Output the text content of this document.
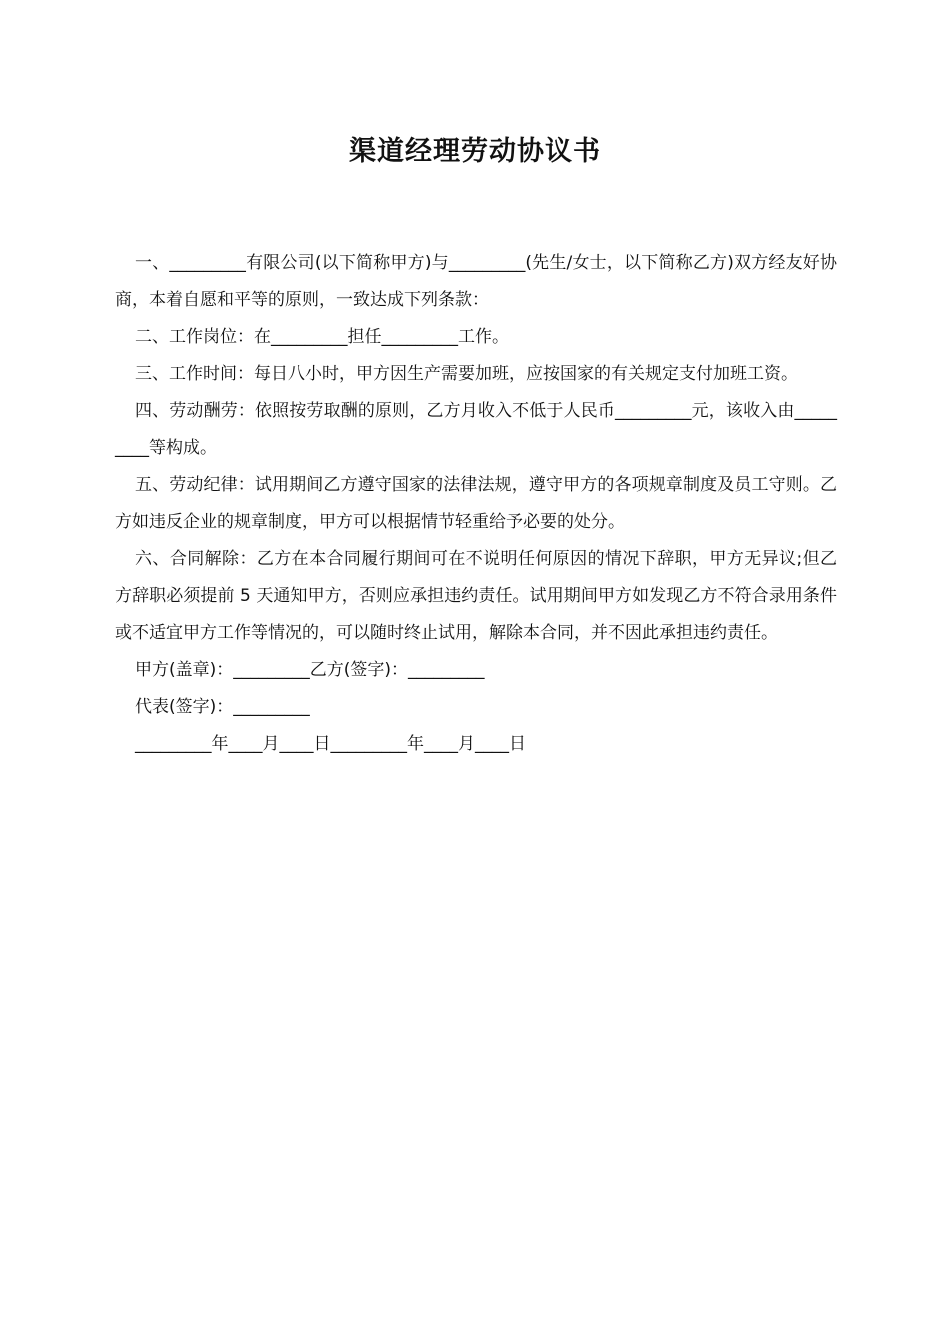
渠道经理劳动协议书

一、_________有限公司(以下简称甲方)与_________(先生/女士，以下简称乙方)双方经友好协商，本着自愿和平等的原则，一致达成下列条款：

二、工作岗位：在_________担任_________工作。

三、工作时间：每日八小时，甲方因生产需要加班，应按国家的有关规定支付加班工资。

四、劳动酬劳：依照按劳取酬的原则，乙方月收入不低于人民币_________元，该收入由_________等构成。

五、劳动纪律：试用期间乙方遵守国家的法律法规，遵守甲方的各项规章制度及员工守则。乙方如违反企业的规章制度，甲方可以根据情节轻重给予必要的处分。

六、合同解除：乙方在本合同履行期间可在不说明任何原因的情况下辞职，甲方无异议;但乙方辞职必须提前 5 天通知甲方，否则应承担违约责任。试用期间甲方如发现乙方不符合录用条件或不适宜甲方工作等情况的，可以随时终止试用，解除本合同，并不因此承担违约责任。

甲方(盖章)：_________乙方(签字)：_________

代表(签字)：_________

_________年____月____日_________年____月____日
